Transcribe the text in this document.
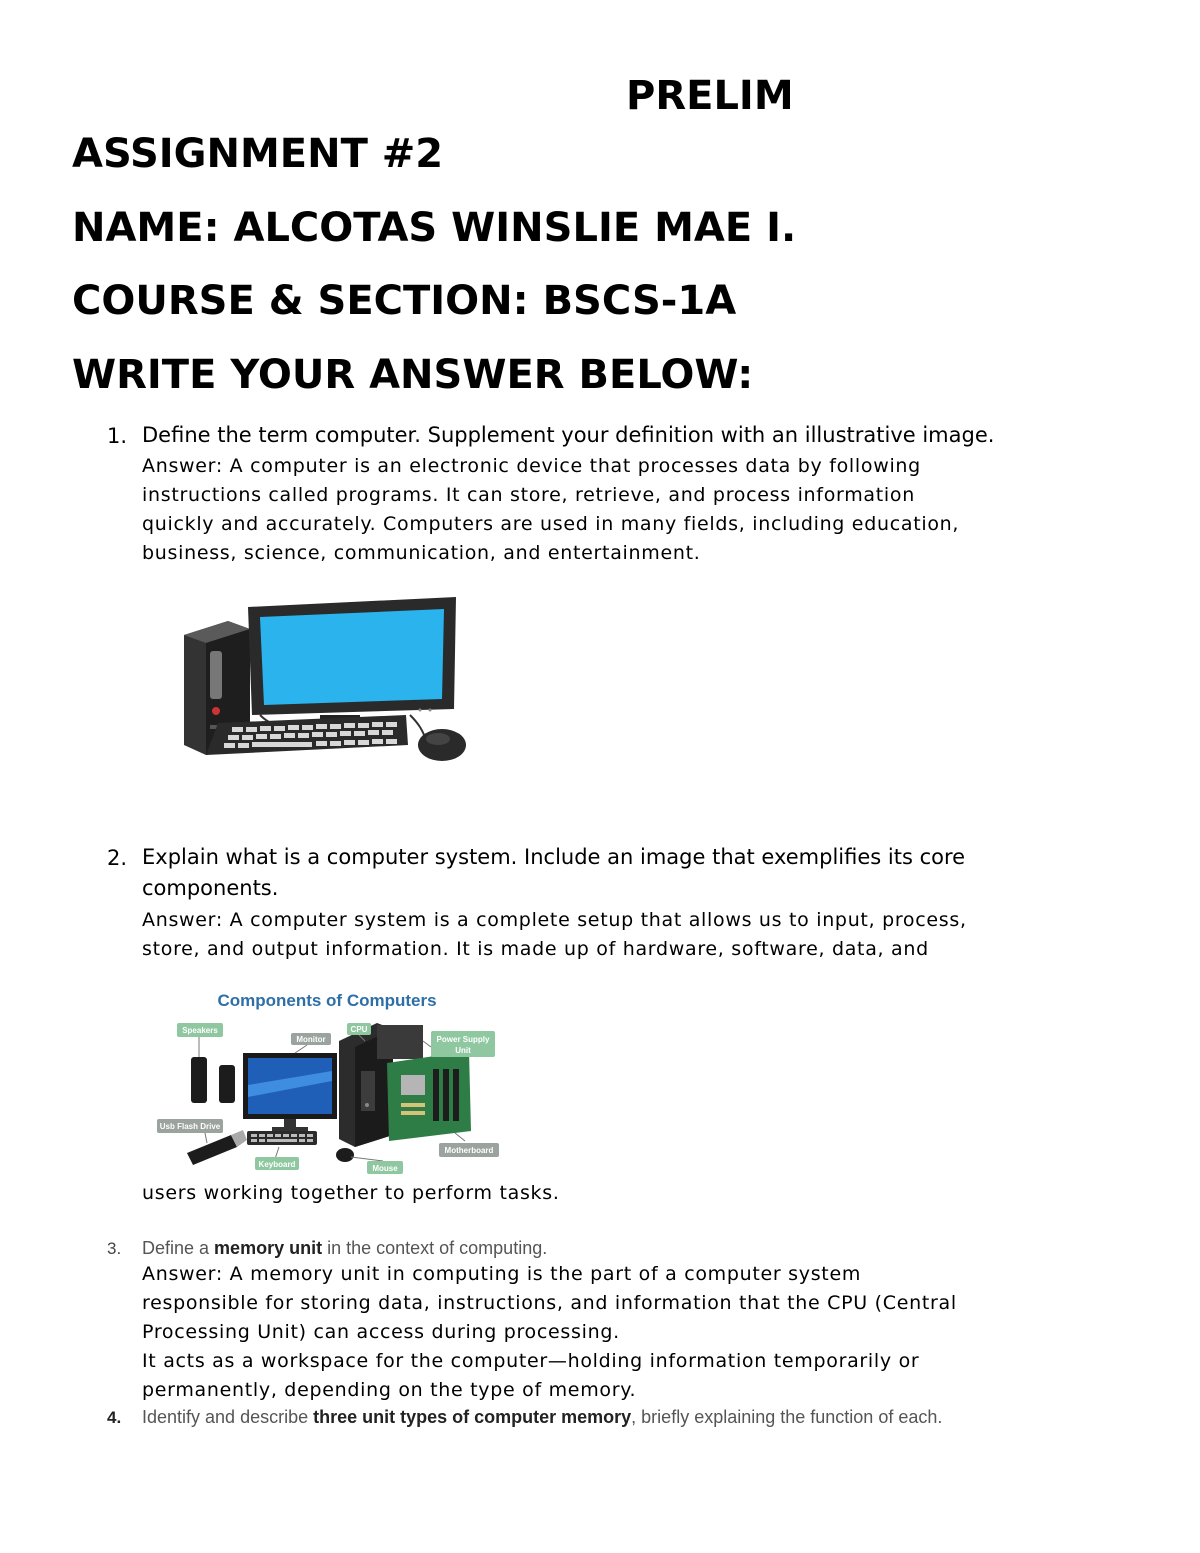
PRELIM
ASSIGNMENT #2
NAME: ALCOTAS WINSLIE MAE I.
COURSE & SECTION: BSCS-1A
WRITE YOUR ANSWER BELOW:
1. Define the term computer. Supplement your definition with an illustrative image.
Answer: A computer is an electronic device that processes data by following
instructions called programs. It can store, retrieve, and process information
quickly and accurately. Computers are used in many fields, including education,
business, science, communication, and entertainment.
2. Explain what is a computer system. Include an image that exemplifies its core
components.
Answer: A computer system is a complete setup that allows us to input, process,
store, and output information. It is made up of hardware, software, data, and
Components of Computers
Speakers
Monitor
CPU
Power Supply
Unit
Usb Flash Drive
Keyboard	Mouse
Motherboard
users working together to perform tasks.
3. Define a memory unit in the context of computing.
Answer: A memory unit in computing is the part of a computer system
responsible for storing data, instructions, and information that the CPU (Central
Processing Unit) can access during processing.
It acts as a workspace for the computer—holding information temporarily or
permanently, depending on the type of memory.
4. Identify and describe three unit types of computer memory, briefly explaining the function of each.
